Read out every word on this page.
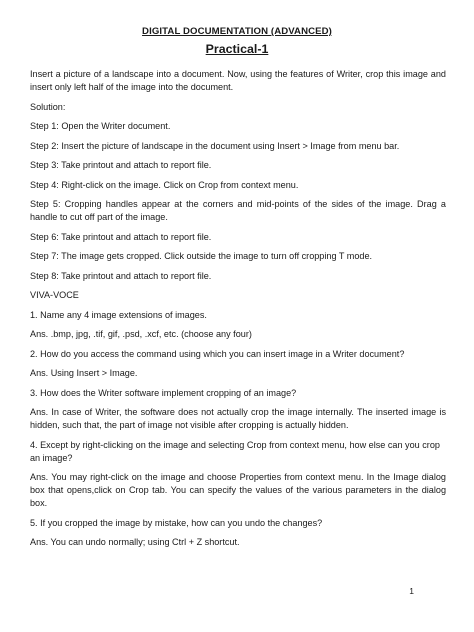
DIGITAL DOCUMENTATION (ADVANCED)
Practical-1

Insert a picture of a landscape into a document. Now, using the features of Writer, crop this image and insert only left half of the image into the document.

Solution:

Step 1: Open the Writer document.

Step 2: Insert the picture of landscape in the document using Insert > Image from menu bar.

Step 3: Take printout and attach to report file.

Step 4: Right-click on the image. Click on Crop from context menu.

Step 5: Cropping handles appear at the corners and mid-points of the sides of the image. Drag a handle to cut off part of the image.

Step 6: Take printout and attach to report file.

Step 7: The image gets cropped. Click outside the image to turn off cropping T mode.

Step 8: Take printout and attach to report file.

VIVA-VOCE

1. Name any 4 image extensions of images.

Ans. .bmp, jpg, .tif, gif, .psd, .xcf, etc. (choose any four)

2. How do you access the command using which you can insert image in a Writer document?

Ans. Using Insert > Image.

3. How does the Writer software implement cropping of an image?

Ans. In case of Writer, the software does not actually crop the image internally. The inserted image is hidden, such that, the part of image not visible after cropping is actually hidden.

4. Except by right-clicking on the image and selecting Crop from context menu, how else can you crop an image?

Ans. You may right-click on the image and choose Properties from context menu. In the Image dialog box that opens,click on Crop tab. You can specify the values of the various parameters in the dialog box.

5. If you cropped the image by mistake, how can you undo the changes?

Ans. You can undo normally; using Ctrl + Z shortcut.

1
